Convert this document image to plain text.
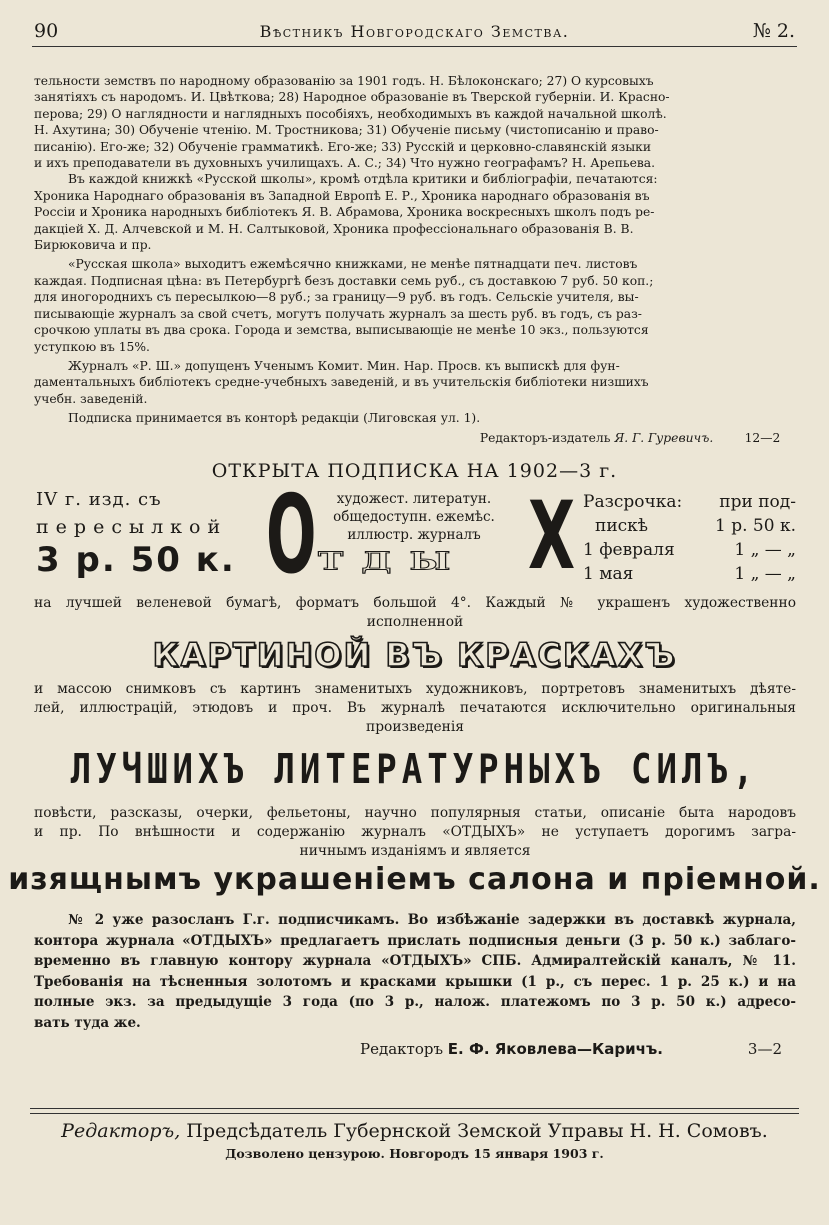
90	Вѣстникъ Новгородскаго Земства.	№ 2.

тельности земствъ по народному образованію за 1901 годъ. Н. Бѣлоконскаго; 27) О курсовыхъ

занятіяхъ съ народомъ. И. Цвѣткова; 28) Народное образованіе въ Тверской губерніи. И. Красно-

перова; 29) О наглядности и наглядныхъ пособіяхъ, необходимыхъ въ каждой начальной школѣ.

Н. Ахутина; 30) Обученіе чтенію. М. Тростникова; 31) Обученіе письму (чистописанію и право-

писанію). Его-же; 32) Обученіе грамматикѣ. Его-же; 33) Русскій и церковно-славянскій языки

и ихъ преподаватели въ духовныхъ училищахъ. А. С.; 34) Что нужно географамъ? Н. Арепьева.

Въ каждой книжкѣ «Русской школы», кромѣ отдѣла критики и библіографіи, печатаются:

Хроника Народнаго образованія въ Западной Европѣ Е. Р., Хроника народнаго образованія въ

Россіи и Хроника народныхъ библіотекъ Я. В. Абрамова, Хроника воскресныхъ школъ подъ ре-

дакціей Х. Д. Алчевской и М. Н. Салтыковой, Хроника профессіональнаго образованія В. В.

Бирюковича и пр.

«Русская школа» выходитъ ежемѣсячно книжками, не менѣе пятнадцати печ. листовъ

каждая. Подписная цѣна: въ Петербургѣ безъ доставки семь руб., съ доставкою 7 руб. 50 коп.;

для иногороднихъ съ пересылкою—8 руб.; за границу—9 руб. въ годъ. Сельскіе учителя, вы-

писывающіе журналъ за свой счетъ, могутъ получать журналъ за шесть руб. въ годъ, съ раз-

срочкою уплаты въ два срока. Города и земства, выписывающіе не менѣе 10 экз., пользуются

уступкою въ 15%.

Журналъ «Р. Ш.» допущенъ Ученымъ Комит. Мин. Нар. Просв. къ выпискѣ для фун-

даментальныхъ библіотекъ средне-учебныхъ заведеній, и въ учительскія библіотеки низшихъ

учебн. заведеній.

Подписка принимается въ конторѣ редакціи (Лиговская ул. 1).

Редакторъ-издатель Я. Г. Гуревичъ.	12—2

ОТКРЫТА ПОДПИСКА НА 1902—3 г.
IV г. изд. съ
пересылкой
3 р. 50 к. О	художест. литератун.
общедоступн. ежемѣс.
иллюстр. журналъ
ТДЫ Х Разсрочка: при под-
пискѣ	1 р. 50 к.
1 февраля	1 „ — „
1 мая	1 „ — „

на лучшей веленевой бумагѣ, форматъ большой 4°. Каждый № украшенъ художественно

исполненной

КАРТИНОЙ ВЪ КРАСКАХЪ

и массою снимковъ съ картинъ знаменитыхъ художниковъ, портретовъ знаменитыхъ дѣяте-

лей, иллюстрацій, этюдовъ и проч. Въ журналѣ печатаются исключительно оригинальныя

произведенія

ЛУЧШИХЪ ЛИТЕРАТУРНЫХЪ СИЛЪ,

повѣсти, разсказы, очерки, фельетоны, научно популярныя статьи, описаніе быта народовъ

и пр. По внѣшности и содержанію журналъ «ОТДЫХЪ» не уступаетъ дорогимъ загра-

ничнымъ изданіямъ и является

изящнымъ украшеніемъ салона и пріемной.

№ 2 уже разосланъ Г.г. подписчикамъ. Во избѣжаніе задержки въ доставкѣ журнала,

контора журнала «ОТДЫХЪ» предлагаетъ прислать подписныя деньги (3 р. 50 к.) заблаго-

временно въ главную контору журнала «ОТДЫХЪ» СПБ. Адмиралтейскій каналъ, № 11.

Требованія на тѣсненныя золотомъ и красками крышки (1 р., съ перес. 1 р. 25 к.) и на

полные экз. за предыдущіе 3 года (по 3 р., налож. платежомъ по 3 р. 50 к.) адресо-

вать туда же.

Редакторъ Е. Ф. Яковлева—Каричъ.	3—2
Редакторъ, Предсѣдатель Губернской Земской Управы Н. Н. Сомовъ.
Дозволено цензурою. Новгородъ 15 января 1903 г.
